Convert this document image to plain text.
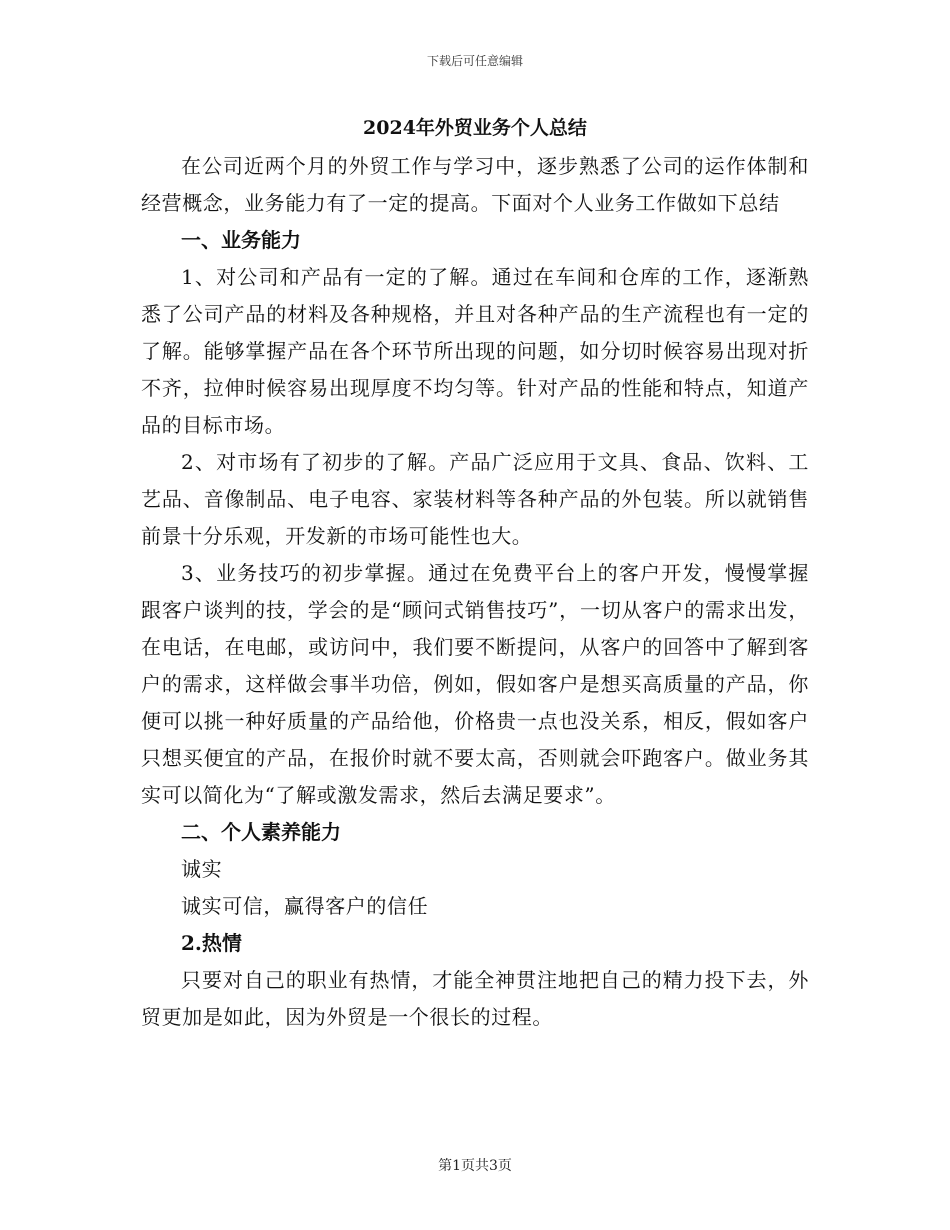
下载后可任意编辑
2024年外贸业务个人总结

在公司近两个月的外贸工作与学习中，逐步熟悉了公司的运作体制和经营概念，业务能力有了一定的提高。下面对个人业务工作做如下总结

一、业务能力

1、对公司和产品有一定的了解。通过在车间和仓库的工作，逐渐熟悉了公司产品的材料及各种规格，并且对各种产品的生产流程也有一定的了解。能够掌握产品在各个环节所出现的问题，如分切时候容易出现对折不齐，拉伸时候容易出现厚度不均匀等。针对产品的性能和特点，知道产品的目标市场。

2、对市场有了初步的了解。产品广泛应用于文具、食品、饮料、工艺品、音像制品、电子电容、家装材料等各种产品的外包装。所以就销售前景十分乐观，开发新的市场可能性也大。

3、业务技巧的初步掌握。通过在免费平台上的客户开发，慢慢掌握跟客户谈判的技，学会的是“顾问式销售技巧”，一切从客户的需求出发，在电话，在电邮，或访问中，我们要不断提问，从客户的回答中了解到客户的需求，这样做会事半功倍，例如，假如客户是想买高质量的产品，你便可以挑一种好质量的产品给他，价格贵一点也没关系，相反，假如客户只想买便宜的产品，在报价时就不要太高，否则就会吓跑客户。做业务其实可以简化为“了解或激发需求，然后去满足要求”。

二、个人素养能力

诚实

诚实可信，赢得客户的信任

2.热情

只要对自己的职业有热情，才能全神贯注地把自己的精力投下去，外贸更加是如此，因为外贸是一个很长的过程。

第1页共3页
